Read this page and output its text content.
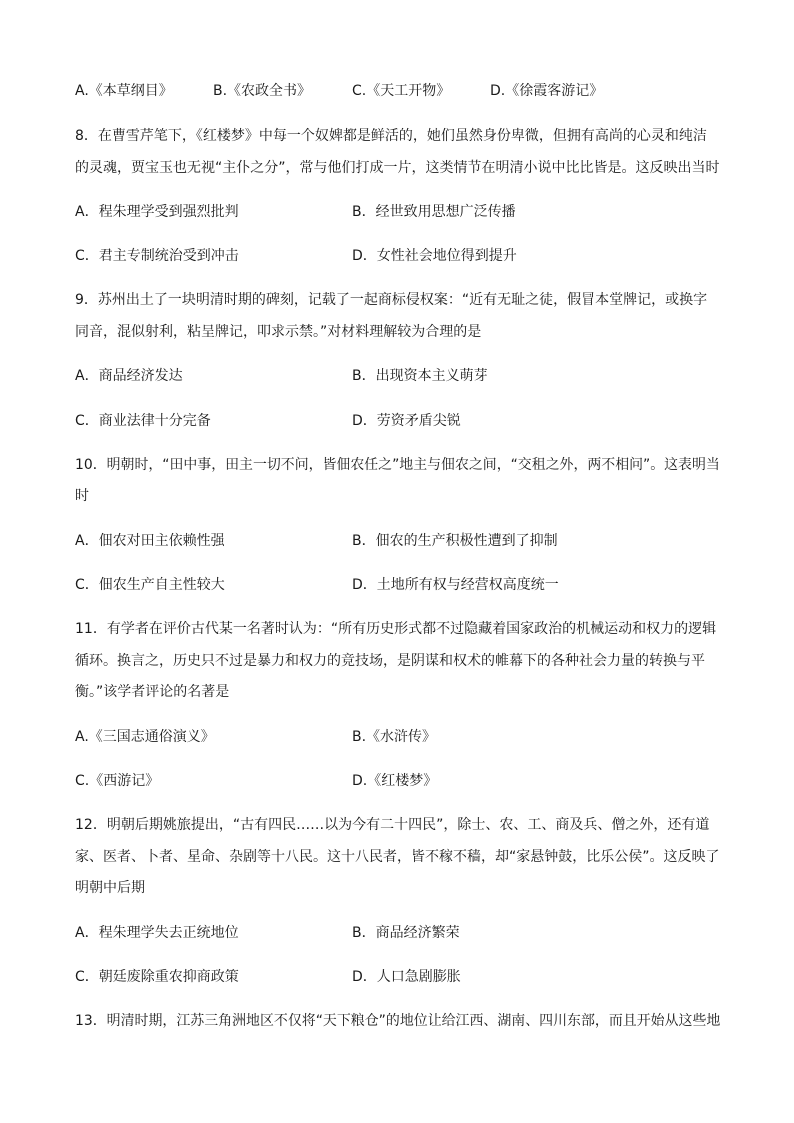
A.《本草纲目》	B.《农政全书》	C.《天工开物》	D.《徐霞客游记》
8．在曹雪芹笔下，《红楼梦》中每一个奴婢都是鲜活的，她们虽然身份卑微，但拥有高尚的心灵和纯洁
的灵魂，贾宝玉也无视“主仆之分”，常与他们打成一片，这类情节在明清小说中比比皆是。这反映出当时
A．程朱理学受到强烈批判	B．经世致用思想广泛传播
C．君主专制统治受到冲击	D．女性社会地位得到提升
9．苏州出土了一块明清时期的碑刻，记载了一起商标侵权案：“近有无耻之徒，假冒本堂牌记，或换字
同音，混似射利，粘呈牌记，叩求示禁。”对材料理解较为合理的是
A．商品经济发达	B．出现资本主义萌芽
C．商业法律十分完备	D．劳资矛盾尖锐
10．明朝时，“田中事，田主一切不问，皆佃农任之”地主与佃农之间，“交租之外，两不相问”。这表明当
时
A．佃农对田主依赖性强	B．佃农的生产积极性遭到了抑制
C．佃农生产自主性较大	D．土地所有权与经营权高度统一
11．有学者在评价古代某一名著时认为：“所有历史形式都不过隐藏着国家政治的机械运动和权力的逻辑
循环。换言之，历史只不过是暴力和权力的竞技场，是阴谋和权术的帷幕下的各种社会力量的转换与平
衡。”该学者评论的名著是
A.《三国志通俗演义》	B.《水浒传》
C.《西游记》	D.《红楼梦》
12．明朝后期姚旅提出，“古有四民……以为今有二十四民”，除士、农、工、商及兵、僧之外，还有道
家、医者、卜者、星命、杂剧等十八民。这十八民者，皆不稼不穑，却“家悬钟鼓，比乐公侯”。这反映了
明朝中后期
A．程朱理学失去正统地位	B．商品经济繁荣
C．朝廷废除重农抑商政策	D．人口急剧膨胀
13．明清时期，江苏三角洲地区不仅将“天下粮仓”的地位让给江西、湖南、四川东部，而且开始从这些地
